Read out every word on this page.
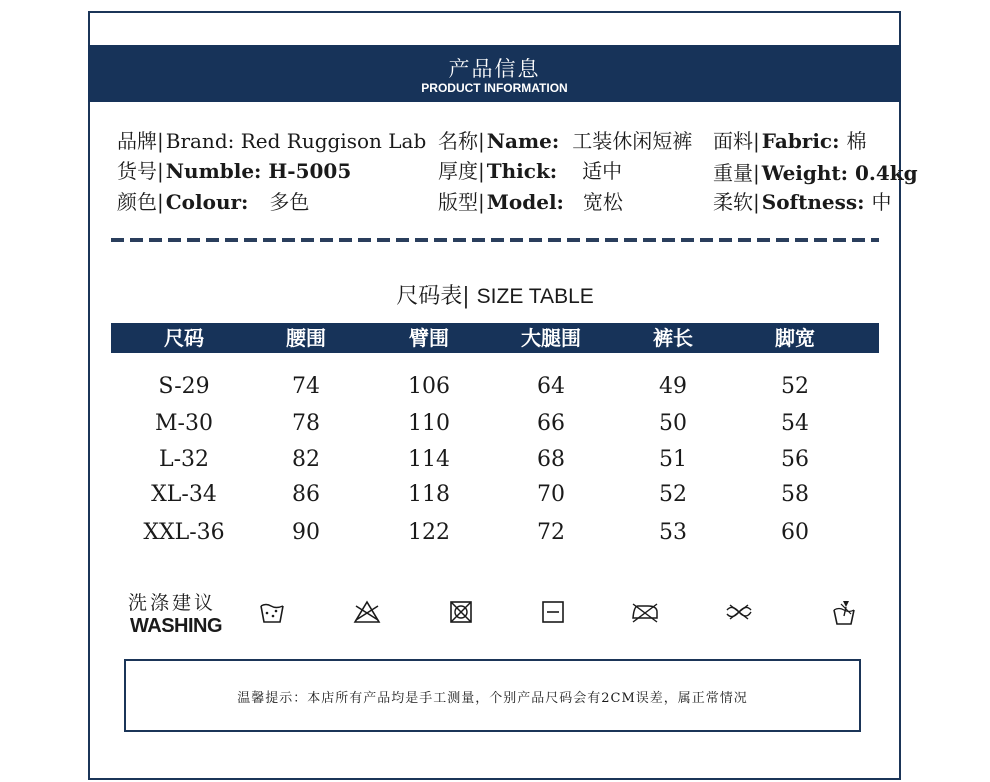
产品信息
PRODUCT INFORMATION
品牌| Brand: Red Ruggison Lab
货号| Numble: H-5005
颜色| Colour: 多色
名称| Name: 工装休闲短裤
厚度| Thick: 适中
版型| Model: 宽松
面料| Fabric: 棉
重量| Weight: 0.4kg
柔软| Softness: 中
尺码表| SIZE TABLE
尺码	腰围	臂围	大腿围	裤长	脚宽
S-29	74	106	64	49	52
M-30	78	110	66	50	54
L-32	82	114	68	51	56
XL-34	86	118	70	52	58
XXL-36	90	122	72	53	60
洗涤建议
WASHING
温馨提示：本店所有产品均是手工测量，个别产品尺码会有2CM误差，属正常情况
